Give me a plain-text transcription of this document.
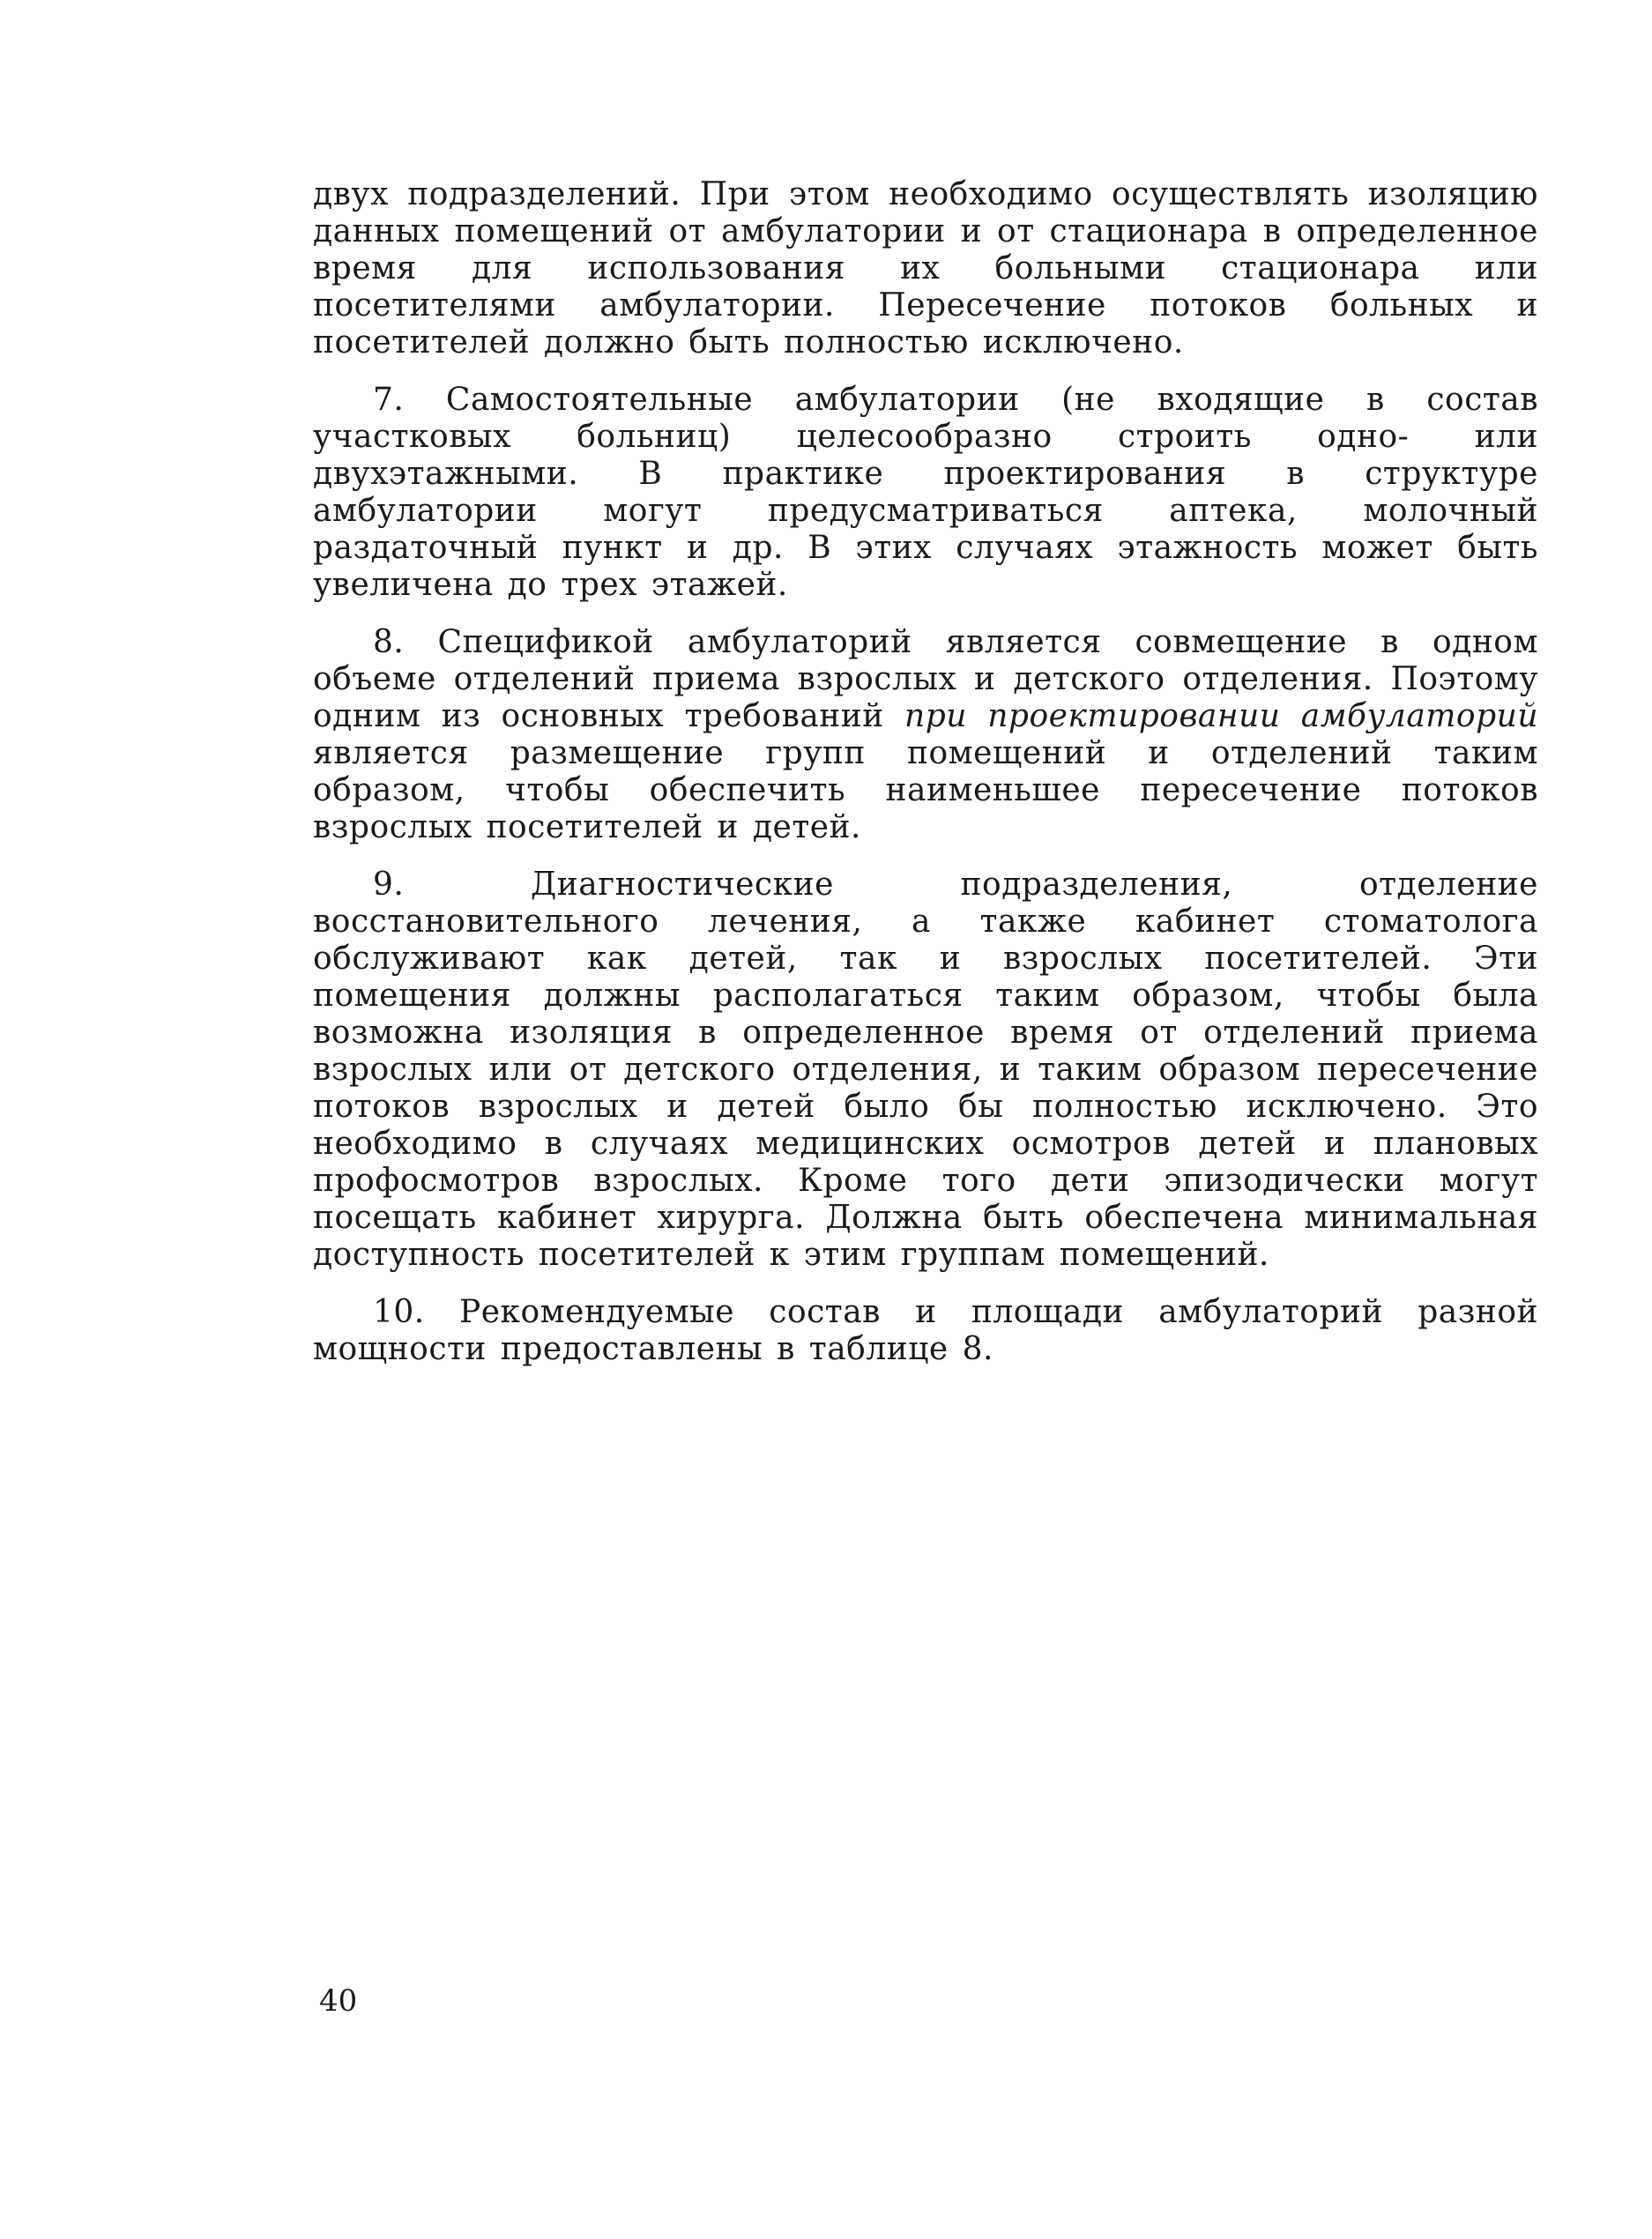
двух подразделений. При этом необходимо осуществлять изоляцию данных помещений от амбулатории и от стационара в определенное время для использования их больными стационара или посетителями амбулатории. Пересечение потоков больных и посетителей должно быть полностью исключено.

7. Самостоятельные амбулатории (не входящие в состав участковых больниц) целесообразно строить одно- или двухэтажными. В практике проектирования в структуре амбулатории могут предусматриваться аптека, молочный раздаточный пункт и др. В этих случаях этажность может быть увеличена до трех этажей.

8. Спецификой амбулаторий является совмещение в одном объеме отделений приема взрослых и детского отделения. Поэтому одним из основных требований при проектировании амбулаторий является размещение групп помещений и отделений таким образом, чтобы обеспечить наименьшее пересечение потоков взрослых посетителей и детей.

9. Диагностические подразделения, отделение восстановительного лечения, а также кабинет стоматолога обслуживают как детей, так и взрослых посетителей. Эти помещения должны располагаться таким образом, чтобы была возможна изоляция в определенное время от отделений приема взрослых или от детского отделения, и таким образом пересечение потоков взрослых и детей было бы полностью исключено. Это необходимо в случаях медицинских осмотров детей и плановых профосмотров взрослых. Кроме того дети эпизодически могут посещать кабинет хирурга. Должна быть обеспечена минимальная доступность посетителей к этим группам помещений.

10. Рекомендуемые состав и площади амбулаторий разной мощности предоставлены в таблице 8.

40
